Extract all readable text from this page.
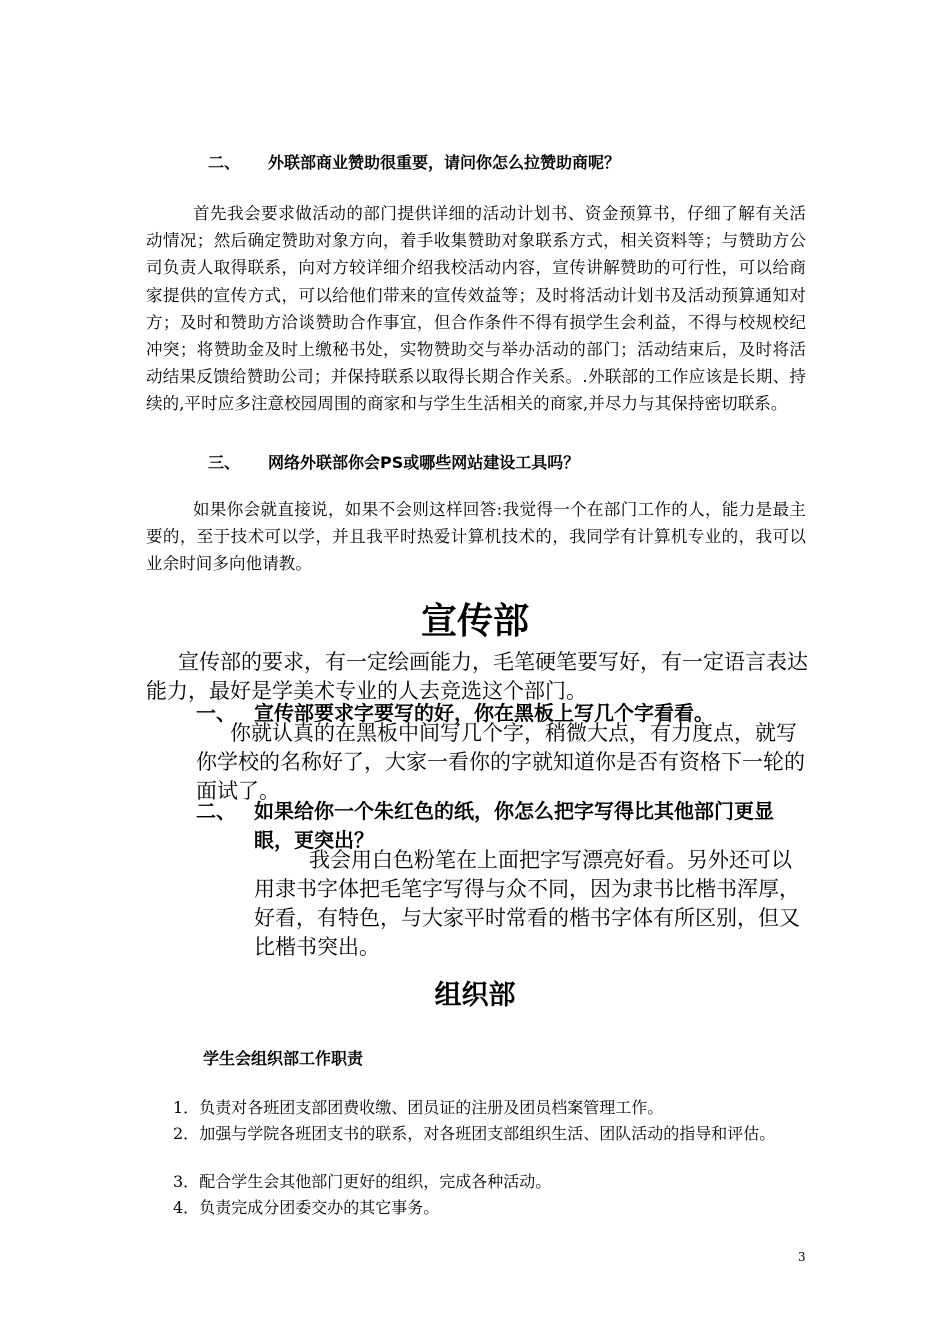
二、 外联部商业赞助很重要，请问你怎么拉赞助商呢？
首先我会要求做活动的部门提供详细的活动计划书、资金预算书，仔细了解有关活动情况；然后确定赞助对象方向，着手收集赞助对象联系方式，相关资料等；与赞助方公司负责人取得联系，向对方较详细介绍我校活动内容，宣传讲解赞助的可行性，可以给商家提供的宣传方式，可以给他们带来的宣传效益等；及时将活动计划书及活动预算通知对方；及时和赞助方洽谈赞助合作事宜，但合作条件不得有损学生会利益，不得与校规校纪冲突；将赞助金及时上缴秘书处，实物赞助交与举办活动的部门；活动结束后，及时将活动结果反馈给赞助公司；并保持联系以取得长期合作关系。.外联部的工作应该是长期、持续的,平时应多注意校园周围的商家和与学生生活相关的商家,并尽力与其保持密切联系。
三、 网络外联部你会PS或哪些网站建设工具吗？
如果你会就直接说，如果不会则这样回答:我觉得一个在部门工作的人，能力是最主要的，至于技术可以学，并且我平时热爱计算机技术的，我同学有计算机专业的，我可以业余时间多向他请教。
宣传部
宣传部的要求，有一定绘画能力，毛笔硬笔要写好，有一定语言表达能力，最好是学美术专业的人去竞选这个部门。
一、 宣传部要求字要写的好，你在黑板上写几个字看看。
你就认真的在黑板中间写几个字，稍微大点，有力度点，就写你学校的名称好了，大家一看你的字就知道你是否有资格下一轮的面试了。
二、 如果给你一个朱红色的纸，你怎么把字写得比其他部门更显眼，更突出？
我会用白色粉笔在上面把字写漂亮好看。另外还可以用隶书字体把毛笔字写得与众不同，因为隶书比楷书浑厚，好看，有特色，与大家平时常看的楷书字体有所区别，但又比楷书突出。
组织部
学生会组织部工作职责
1．负责对各班团支部团费收缴、团员证的注册及团员档案管理工作。
2．加强与学院各班团支书的联系，对各班团支部组织生活、团队活动的指导和评估。
3．配合学生会其他部门更好的组织，完成各种活动。
4．负责完成分团委交办的其它事务。
3
